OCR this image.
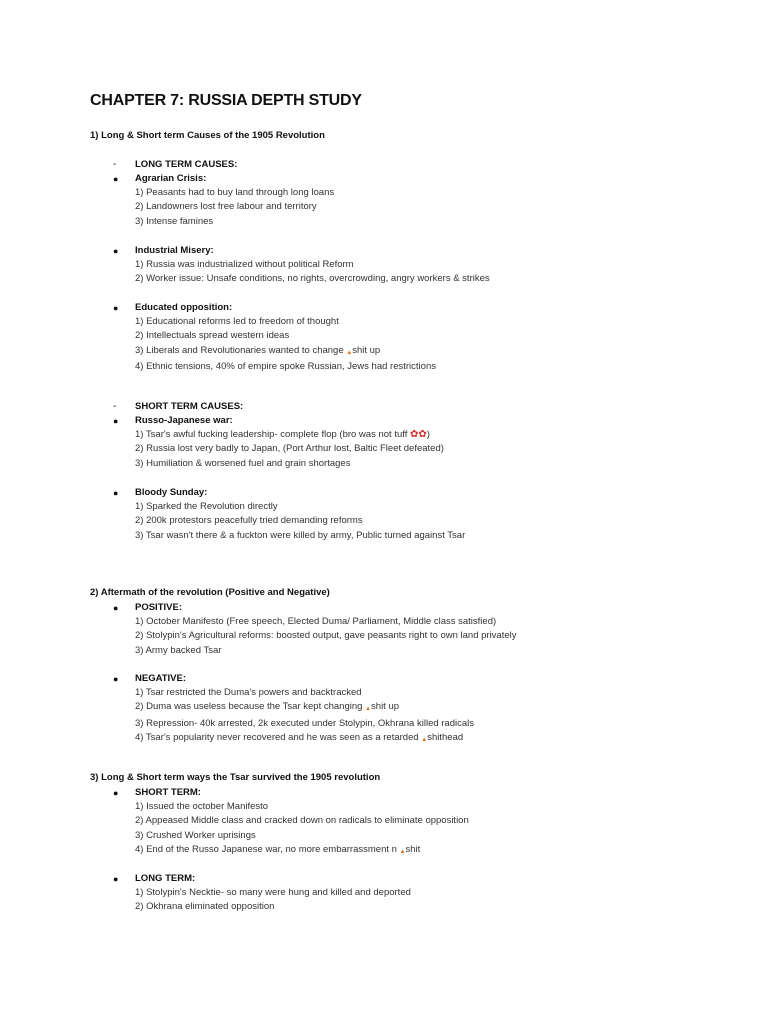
CHAPTER 7: RUSSIA DEPTH STUDY

1) Long & Short term Causes of the 1905 Revolution

-	LONG TERM CAUSES:
●	Agrarian Crisis:
1) Peasants had to buy land through long loans
2) Landowners lost free labour and territory
3) Intense famines
●	Industrial Misery:
1) Russia was industrialized without political Reform
2) Worker issue: Unsafe conditions, no rights, overcrowding, angry workers & strikes
●	Educated opposition:
1) Educational reforms led to freedom of thought
2) Intellectuals spread western ideas
3) Liberals and Revolutionaries wanted to change ▲shit up
4) Ethnic tensions, 40% of empire spoke Russian, Jews had restrictions
-	SHORT TERM CAUSES:
●	Russo-Japanese war:
1) Tsar's awful fucking leadership- complete flop (bro was not tuff ✿✿)
2) Russia lost very badly to Japan, (Port Arthur lost, Baltic Fleet defeated)
3) Humiliation & worsened fuel and grain shortages
●	Bloody Sunday:
1) Sparked the Revolution directly
2) 200k protestors peacefully tried demanding reforms
3) Tsar wasn't there & a fuckton were killed by army, Public turned against Tsar

2) Aftermath of the revolution (Positive and Negative)

●	POSITIVE:
1) October Manifesto (Free speech, Elected Duma/ Parliament, Middle class satisfied)
2) Stolypin's Agricultural reforms: boosted output, gave peasants right to own land privately
3) Army backed Tsar
●	NEGATIVE:
1) Tsar restricted the Duma's powers and backtracked
2) Duma was useless because the Tsar kept changing ▲shit up
3) Repression- 40k arrested, 2k executed under Stolypin, Okhrana killed radicals
4) Tsar's popularity never recovered and he was seen as a retarded ▲shithead

3) Long & Short term ways the Tsar survived the 1905 revolution

●	SHORT TERM:
1) Issued the october Manifesto
2) Appeased Middle class and cracked down on radicals to eliminate opposition
3) Crushed Worker uprisings
4) End of the Russo Japanese war, no more embarrassment n ▲shit
●	LONG TERM:
1) Stolypin's Necktie- so many were hung and killed and deported
2) Okhrana eliminated opposition
